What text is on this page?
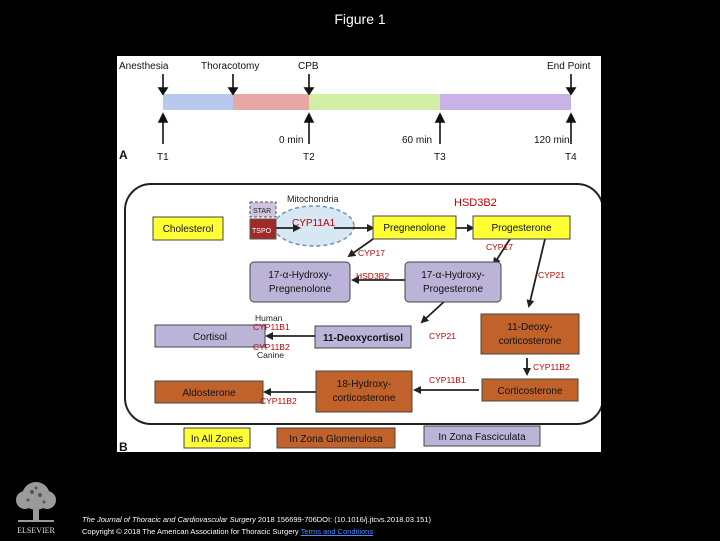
Figure 1
Anesthesia	Thoracotomy	CPB	End Point
0 min	60 min	120 min
T1	T2	T3	T4
A
Mitochondria
STAR
TSPO
CYP11A1
HSD3B2
Cholesterol	Pregnenolone	Progesterone
17-α-Hydroxy-
Pregnenolone
17-α-Hydroxy-
Progesterone
Cortisol	11-Deoxycortisol
11-Deoxy-
corticosterone
Aldosterone
18-Hydroxy-
corticosterone
Corticosterone
CYP17
CYP17
CYP21
CYP21
HSD3B2
CYP11B1
CYP11B2
CYP11B2
CYP11B2
CYP11B1
Human
Canine
In All Zones	In Zona Glomerulosa	In Zona Fasciculata
B
ELSEVIER
The Journal of Thoracic and Cardiovascular Surgery 2018 156699-706DOI: (10.1016/j.jtcvs.2018.03.151)
Copyright © 2018 The American Association for Thoracic Surgery Terms and Conditions
